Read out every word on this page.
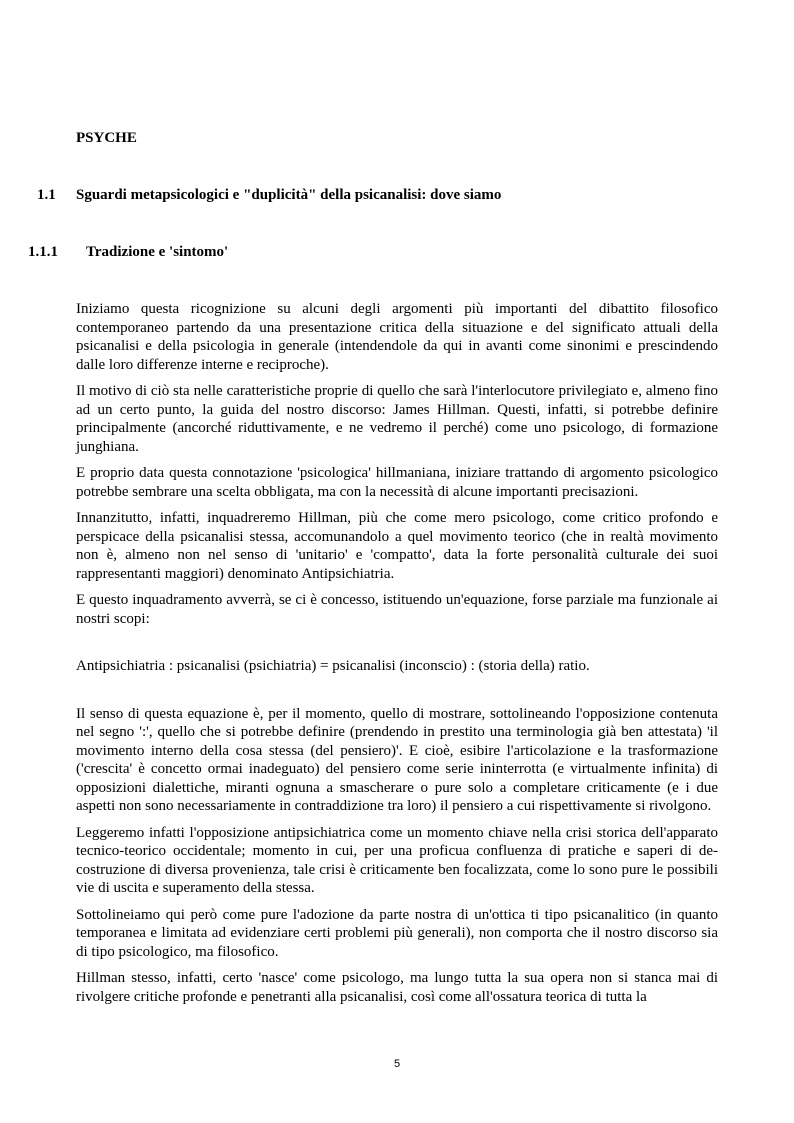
PSYCHE
1.1 Sguardi metapsicologici e "duplicità" della psicanalisi: dove siamo
1.1.1 Tradizione e 'sintomo'

Iniziamo questa ricognizione su alcuni degli argomenti più importanti del dibattito filosofico contemporaneo partendo da una presentazione critica della situazione e del significato attuali della psicanalisi e della psicologia in generale (intendendole da qui in avanti come sinonimi e prescindendo dalle loro differenze interne e reciproche).

Il motivo di ciò sta nelle caratteristiche proprie di quello che sarà l'interlocutore privilegiato e, almeno fino ad un certo punto, la guida del nostro discorso: James Hillman. Questi, infatti, si potrebbe definire principalmente (ancorché riduttivamente, e ne vedremo il perché) come uno psicologo, di formazione junghiana.

E proprio data questa connotazione 'psicologica' hillmaniana, iniziare trattando di argomento psicologico potrebbe sembrare una scelta obbligata, ma con la necessità di alcune importanti precisazioni.

Innanzitutto, infatti, inquadreremo Hillman, più che come mero psicologo, come critico profondo e perspicace della psicanalisi stessa, accomunandolo a quel movimento teorico (che in realtà movimento non è, almeno non nel senso di 'unitario' e 'compatto', data la forte personalità culturale dei suoi rappresentanti maggiori) denominato Antipsichiatria.

E questo inquadramento avverrà, se ci è concesso, istituendo un'equazione, forse parziale ma funzionale ai nostri scopi:

Antipsichiatria : psicanalisi (psichiatria) = psicanalisi (inconscio) : (storia della) ratio.

Il senso di questa equazione è, per il momento, quello di mostrare, sottolineando l'opposizione contenuta nel segno ':', quello che si potrebbe definire (prendendo in prestito una terminologia già ben attestata) 'il movimento interno della cosa stessa (del pensiero)'. E cioè, esibire l'articolazione e la trasformazione ('crescita' è concetto ormai inadeguato) del pensiero come serie ininterrotta (e virtualmente infinita) di opposizioni dialettiche, miranti ognuna a smascherare o pure solo a completare criticamente (e i due aspetti non sono necessariamente in contraddizione tra loro) il pensiero a cui rispettivamente si rivolgono.

Leggeremo infatti l'opposizione antipsichiatrica come un momento chiave nella crisi storica dell'apparato tecnico-teorico occidentale; momento in cui, per una proficua confluenza di pratiche e saperi di de-costruzione di diversa provenienza, tale crisi è criticamente ben focalizzata, come lo sono pure le possibili vie di uscita e superamento della stessa.

Sottolineiamo qui però come pure l'adozione da parte nostra di un'ottica ti tipo psicanalitico (in quanto temporanea e limitata ad evidenziare certi problemi più generali), non comporta che il nostro discorso sia di tipo psicologico, ma filosofico.

Hillman stesso, infatti, certo 'nasce' come psicologo, ma lungo tutta la sua opera non si stanca mai di rivolgere critiche profonde e penetranti alla psicanalisi, così come all'ossatura teorica di tutta la

5
